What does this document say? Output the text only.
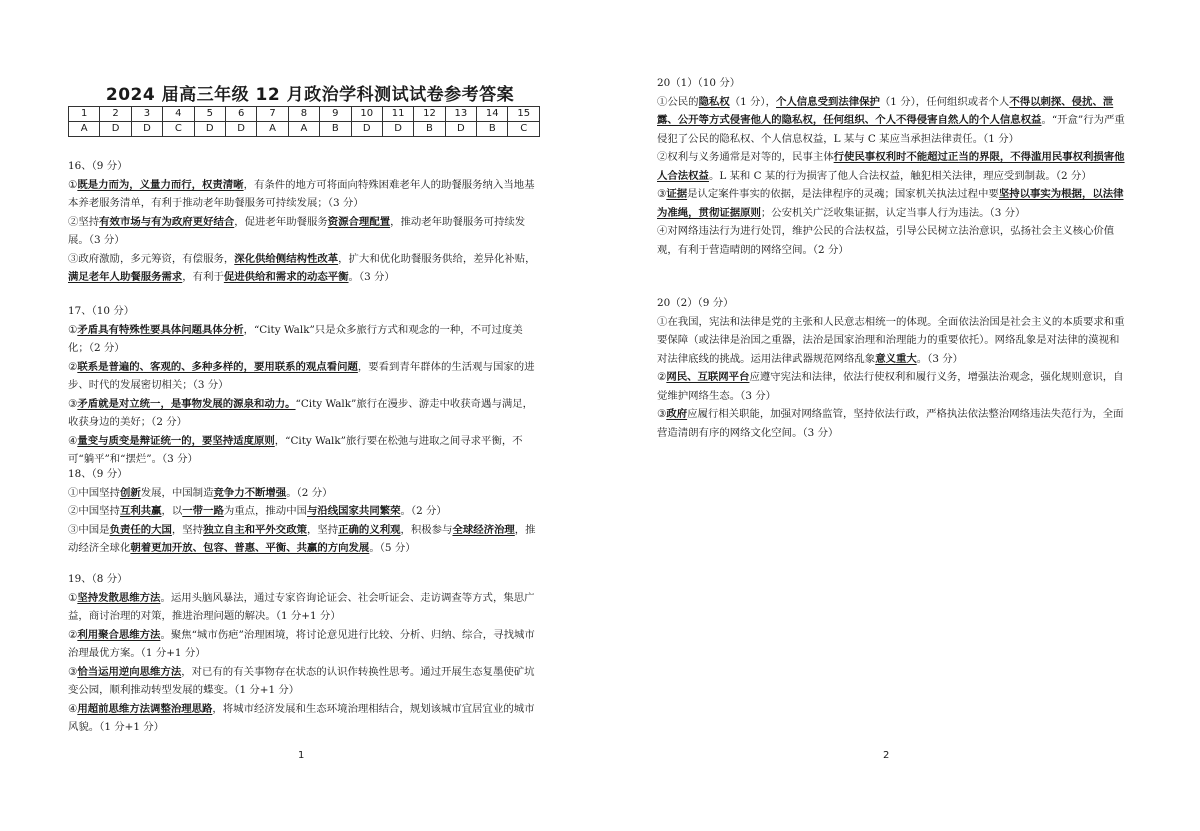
2024 届高三年级 12 月政治学科测试试卷参考答案
1	2	3	4	5	6	7	8	9	10	11	12	13	14	15
A	D	D	C	D	D	A	A	B	D	D	B	D	B	C

16、（9 分）

①既是力而为，义量力而行，权责清晰，有条件的地方可将面向特殊困难老年人的助餐服务纳入当地基本养老服务清单，有利于推动老年助餐服务可持续发展；（3 分）

②坚持有效市场与有为政府更好结合，促进老年助餐服务资源合理配置，推动老年助餐服务可持续发展。（3 分）

③政府激励，多元筹资，有偿服务，深化供给侧结构性改革，扩大和优化助餐服务供给，差异化补贴，满足老年人助餐服务需求，有利于促进供给和需求的动态平衡。（3 分）

17、（10 分）

①矛盾具有特殊性要具体问题具体分析，“City Walk”只是众多旅行方式和观念的一种，不可过度美化；（2 分）

②联系是普遍的、客观的、多种多样的，要用联系的观点看问题，要看到青年群体的生活观与国家的进步、时代的发展密切相关；（3 分）

③矛盾就是对立统一，是事物发展的源泉和动力。“City Walk”旅行在漫步、游走中收获奇遇与满足，收获身边的美好；（2 分）

④量变与质变是辩证统一的，要坚持适度原则，“City Walk”旅行要在松弛与进取之间寻求平衡，不可“躺平”和“摆烂”。（3 分）

18、（9 分）

①中国坚持创新发展，中国制造竞争力不断增强。（2 分）

②中国坚持互利共赢，以一带一路为重点，推动中国与沿线国家共同繁荣。（2 分）

③中国是负责任的大国，坚持独立自主和平外交政策，坚持正确的义利观，积极参与全球经济治理，推动经济全球化朝着更加开放、包容、普惠、平衡、共赢的方向发展。（5 分）

19、（8 分）

①坚持发散思维方法。运用头脑风暴法，通过专家咨询论证会、社会听证会、走访调查等方式，集思广益，商讨治理的对策，推进治理问题的解决。（1 分+1 分）

②利用聚合思维方法。聚焦“城市伤疤”治理困境，将讨论意见进行比较、分析、归纳、综合，寻找城市治理最优方案。（1 分+1 分）

③恰当运用逆向思维方法，对已有的有关事物存在状态的认识作转换性思考。通过开展生态复墨使矿坑变公园，顺利推动转型发展的蝶变。（1 分+1 分）

④用超前思维方法调整治理思路，将城市经济发展和生态环境治理相结合，规划该城市宜居宜业的城市风貌。（1 分+1 分）

1

20（1）（10 分）

①公民的隐私权（1 分），个人信息受到法律保护（1 分），任何组织或者个人不得以刺探、侵扰、泄露、公开等方式侵害他人的隐私权，任何组织、个人不得侵害自然人的个人信息权益。“开盒”行为严重侵犯了公民的隐私权、个人信息权益，L 某与 C 某应当承担法律责任。（1 分）

②权利与义务通常是对等的，民事主体行使民事权利时不能超过正当的界限，不得滥用民事权利损害他人合法权益。L 某和 C 某的行为损害了他人合法权益，触犯相关法律，理应受到制裁。（2 分）

③证据是认定案件事实的依据，是法律程序的灵魂；国家机关执法过程中要坚持以事实为根据，以法律为准绳，贯彻证据原则；公安机关广泛收集证据，认定当事人行为违法。（3 分）

④对网络违法行为进行处罚，维护公民的合法权益，引导公民树立法治意识，弘扬社会主义核心价值观，有利于营造晴朗的网络空间。（2 分）

20（2）（9 分）

①在我国，宪法和法律是党的主张和人民意志相统一的体现。全面依法治国是社会主义的本质要求和重要保障（或法律是治国之重器，法治是国家治理和治理能力的重要依托）。网络乱象是对法律的漠视和对法律底线的挑战。运用法律武器规范网络乱象意义重大。（3 分）

②网民、互联网平台应遵守宪法和法律，依法行使权利和履行义务，增强法治观念，强化规则意识，自觉维护网络生态。（3 分）

③政府应履行相关职能，加强对网络监管，坚持依法行政，严格执法依法整治网络违法失范行为，全面营造清朗有序的网络文化空间。（3 分）

2
